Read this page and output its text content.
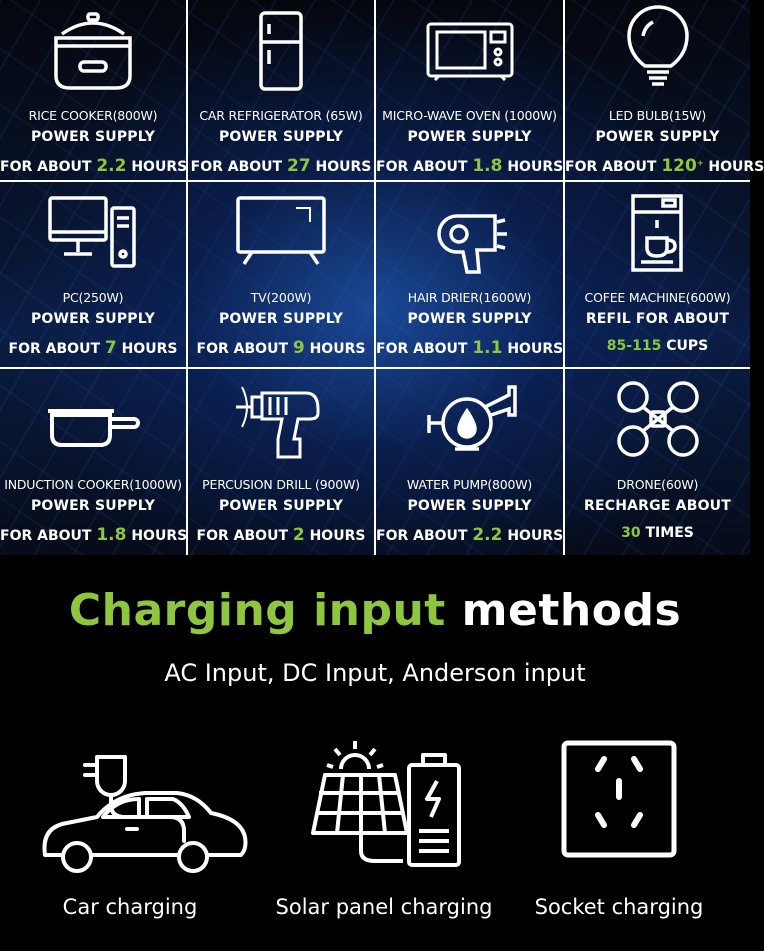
RICE COOKER(800W)
POWER SUPPLY
FOR ABOUT 2.2 HOURS
CAR REFRIGERATOR (65W)
POWER SUPPLY
FOR ABOUT 27 HOURS
MICRO-WAVE OVEN (1000W)
POWER SUPPLY
FOR ABOUT 1.8 HOURS
LED BULB(15W)
POWER SUPPLY
FOR ABOUT 120+ HOURS
PC(250W)
POWER SUPPLY
FOR ABOUT 7 HOURS
TV(200W)
POWER SUPPLY
FOR ABOUT 9 HOURS
HAIR DRIER(1600W)
POWER SUPPLY
FOR ABOUT 1.1 HOURS
COFEE MACHINE(600W)
REFIL FOR ABOUT
85-115 CUPS
INDUCTION COOKER(1000W)
POWER SUPPLY
FOR ABOUT 1.8 HOURS
PERCUSION DRILL (900W)
POWER SUPPLY
FOR ABOUT 2 HOURS
WATER PUMP(800W)
POWER SUPPLY
FOR ABOUT 2.2 HOURS
DRONE(60W)
RECHARGE ABOUT
30 TIMES
Charging input methods
AC Input, DC Input, Anderson input
Car charging	Solar panel charging	Socket charging
